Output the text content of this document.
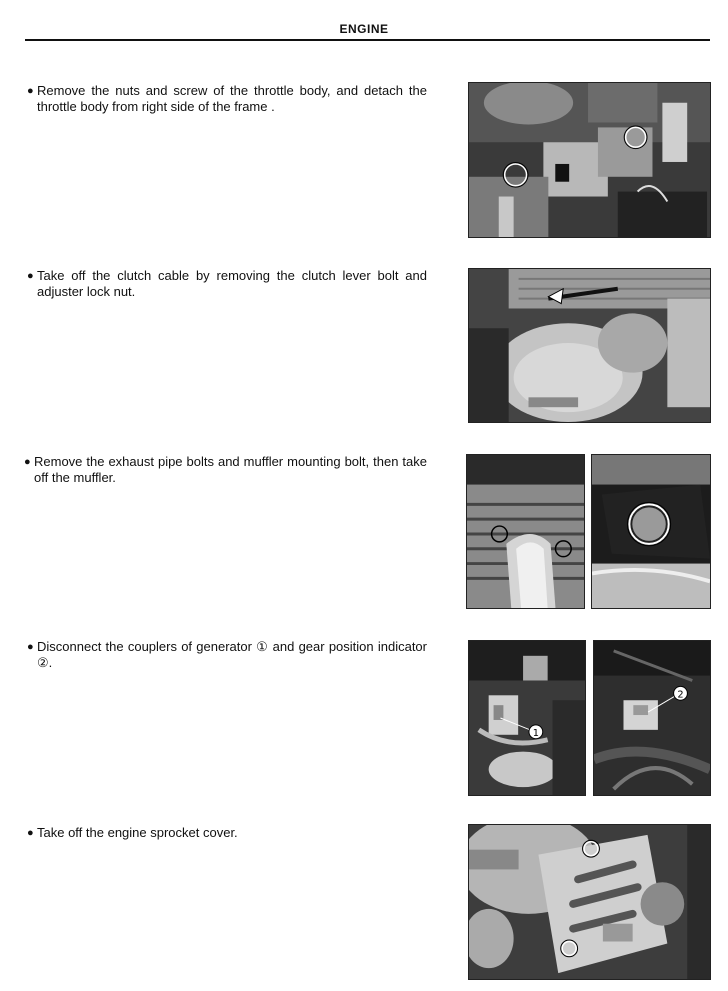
ENGINE
● Remove the nuts and screw of the throttle body, and detach the throttle body from right side of the frame .
● Take off the clutch cable by removing the clutch lever bolt and adjuster lock nut.
● Remove the exhaust pipe bolts and muffler mounting bolt, then take off the muffler.
● Disconnect the couplers of generator ① and gear position indicator ②.
1
2
● Take off the engine sprocket cover.
